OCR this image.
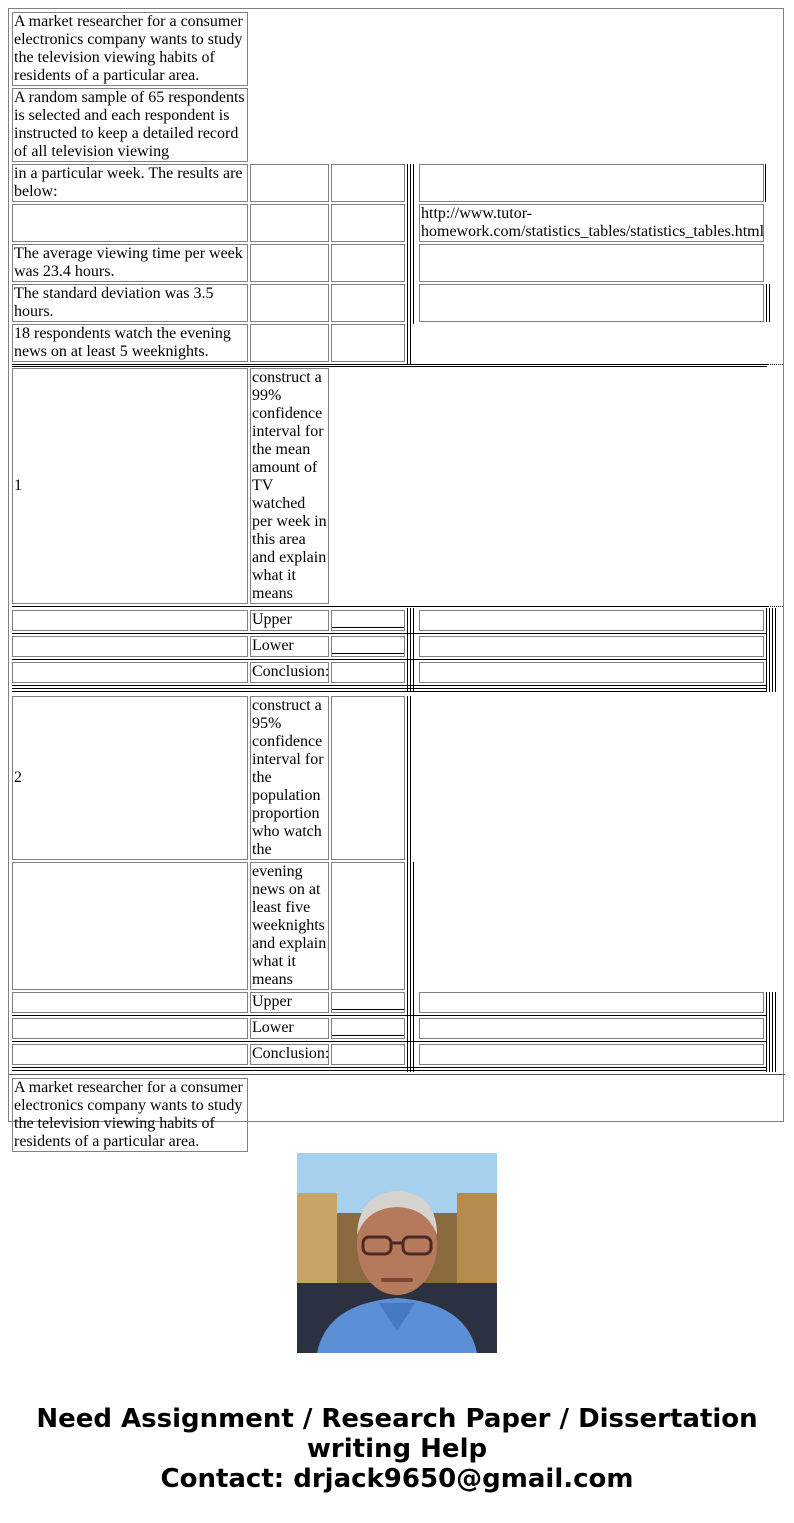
A market researcher for a consumer electronics company wants to study the television viewing habits of residents of a particular area.
A random sample of 65 respondents is selected and each respondent is instructed to keep a detailed record of all television viewing
in a particular week. The results are below:
http://www.tutor-homework.com/statistics_tables/statistics_tables.html
The average viewing time per week was 23.4 hours.
The standard deviation was 3.5 hours.
18 respondents watch the evening news on at least 5 weeknights.
1
construct a 99% confidence interval for the mean amount of TV watched per week in this area and explain what it means
Upper
Lower
Conclusion:
2
construct a 95% confidence interval for the population proportion who watch the
evening news on at least five weeknights and explain what it means
Upper
Lower
Conclusion:
A market researcher for a consumer electronics company wants to study the television viewing habits of residents of a particular area.
Need Assignment / Research Paper / Dissertation writing Help
Contact: drjack9650@gmail.com
